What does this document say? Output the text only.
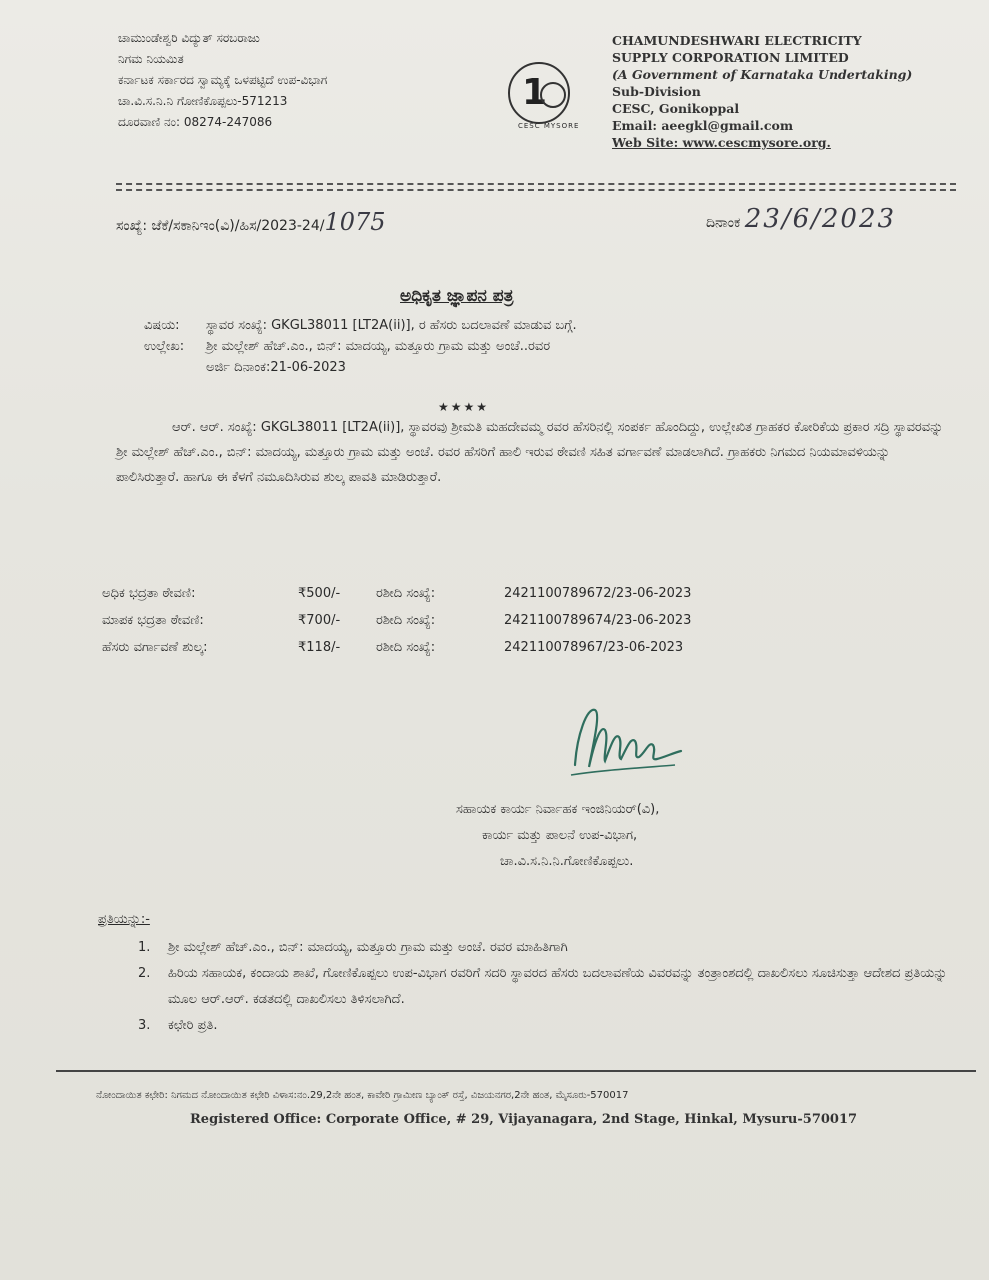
ಚಾಮುಂಡೇಶ್ವರಿ ವಿದ್ಯುತ್ ಸರಬರಾಜು
ನಿಗಮ ನಿಯಮಿತ
ಕರ್ನಾಟಕ ಸರ್ಕಾರದ ಸ್ವಾಮ್ಯಕ್ಕೆ ಒಳಪಟ್ಟಿದೆ ಉಪ-ವಿಭಾಗ
ಚಾ.ವಿ.ಸ.ನಿ.ನಿ ಗೋಣಿಕೊಪ್ಪಲು-571213
ದೂರವಾಣಿ ನಂ: 08274-247086
1
CESC MYSORE
CHAMUNDESHWARI ELECTRICITY
SUPPLY CORPORATION LIMITED
(A Government of Karnataka Undertaking)
Sub-Division
CESC, Gonikoppal
Email: aeegkl@gmail.com
Web Site: www.cescmysore.org.
ಸಂಖ್ಯೆ: ಜೆಕೆ/ಸಕಾನಿಇಂ(ವಿ)/ಹಿಸ/2023-24/1075	ದಿನಾಂಕ 23/6/2023
ಅಧಿಕೃತ ಜ್ಞಾಪನ ಪತ್ರ
ವಿಷಯ: ಸ್ಥಾವರ ಸಂಖ್ಯೆ: GKGL38011 [LT2A(ii)], ರ ಹೆಸರು ಬದಲಾವಣೆ ಮಾಡುವ ಬಗ್ಗೆ.
ಉಲ್ಲೇಖ: ಶ್ರೀ ಮಲ್ಲೇಶ್ ಹೆಚ್.ಎಂ., ಬಿನ್: ಮಾದಯ್ಯ, ಮತ್ತೂರು ಗ್ರಾಮ ಮತ್ತು ಅಂಚೆ..ರವರ
ಅರ್ಜಿ ದಿನಾಂಕ:21-06-2023
★★★★
ಆರ್. ಆರ್. ಸಂಖ್ಯೆ: GKGL38011 [LT2A(ii)], ಸ್ಥಾವರವು ಶ್ರೀಮತಿ ಮಹದೇವಮ್ಮ ರವರ ಹೆಸರಿನಲ್ಲಿ ಸಂಪರ್ಕ ಹೊಂದಿದ್ದು, ಉಲ್ಲೇಖಿತ ಗ್ರಾಹಕರ ಕೋರಿಕೆಯ ಪ್ರಕಾರ ಸದ್ರಿ ಸ್ಥಾವರವನ್ನು ಶ್ರೀ ಮಲ್ಲೇಶ್ ಹೆಚ್.ಎಂ., ಬಿನ್: ಮಾದಯ್ಯ, ಮತ್ತೂರು ಗ್ರಾಮ ಮತ್ತು ಅಂಚೆ. ರವರ ಹೆಸರಿಗೆ ಹಾಲಿ ಇರುವ ಠೇವಣಿ ಸಹಿತ ವರ್ಗಾವಣೆ ಮಾಡಲಾಗಿದೆ. ಗ್ರಾಹಕರು ನಿಗಮದ ನಿಯಮಾವಳಿಯನ್ನು ಪಾಲಿಸಿರುತ್ತಾರೆ. ಹಾಗೂ ಈ ಕೆಳಗೆ ನಮೂದಿಸಿರುವ ಶುಲ್ಕ ಪಾವತಿ ಮಾಡಿರುತ್ತಾರೆ.
ಅಧಿಕ ಭದ್ರತಾ ಠೇವಣಿ:	₹500/-	ರಶೀದಿ ಸಂಖ್ಯೆ:	2421100789672/23-06-2023
ಮಾಪಕ ಭದ್ರತಾ ಠೇವಣಿ:	₹700/-	ರಶೀದಿ ಸಂಖ್ಯೆ:	2421100789674/23-06-2023
ಹೆಸರು ವರ್ಗಾವಣೆ ಶುಲ್ಕ:	₹118/-	ರಶೀದಿ ಸಂಖ್ಯೆ:	242110078967/23-06-2023
ಸಹಾಯಕ ಕಾರ್ಯ ನಿರ್ವಾಹಕ ಇಂಜಿನಿಯರ್(ವಿ),
ಕಾರ್ಯ ಮತ್ತು ಪಾಲನೆ ಉಪ-ವಿಭಾಗ,
ಚಾ.ವಿ.ಸ.ನಿ.ನಿ.ಗೋಣಿಕೊಪ್ಪಲು.
ಪ್ರತಿಯನ್ನು:-
1.	ಶ್ರೀ ಮಲ್ಲೇಶ್ ಹೆಚ್.ಎಂ., ಬಿನ್: ಮಾದಯ್ಯ, ಮತ್ತೂರು ಗ್ರಾಮ ಮತ್ತು ಅಂಚೆ. ರವರ ಮಾಹಿತಿಗಾಗಿ
2.	ಹಿರಿಯ ಸಹಾಯಕ, ಕಂದಾಯ ಶಾಖೆ, ಗೋಣಿಕೊಪ್ಪಲು ಉಪ-ವಿಭಾಗ ರವರಿಗೆ ಸದರಿ ಸ್ಥಾವರದ ಹೆಸರು ಬದಲಾವಣೆಯ ವಿವರವನ್ನು ತಂತ್ರಾಂಶದಲ್ಲಿ ದಾಖಲಿಸಲು ಸೂಚಿಸುತ್ತಾ ಆದೇಶದ ಪ್ರತಿಯನ್ನು ಮೂಲ ಆರ್.ಆರ್. ಕಡತದಲ್ಲಿ ದಾಖಲಿಸಲು ತಿಳಿಸಲಾಗಿದೆ.
3.	ಕಛೇರಿ ಪ್ರತಿ.
ನೋಂದಾಯಿತ ಕಛೇರಿ: ನಿಗಮದ ನೋಂದಾಯಿತ ಕಛೇರಿ ವಿಳಾಸ:ನಂ.29,2ನೇ ಹಂತ, ಕಾವೇರಿ ಗ್ರಾಮೀಣ ಬ್ಯಾಂಕ್ ರಸ್ತೆ, ವಿಜಯನಗರ,2ನೇ ಹಂತ, ಮೈಸೂರು-570017
Registered Office: Corporate Office, # 29, Vijayanagara, 2nd Stage, Hinkal, Mysuru-570017
